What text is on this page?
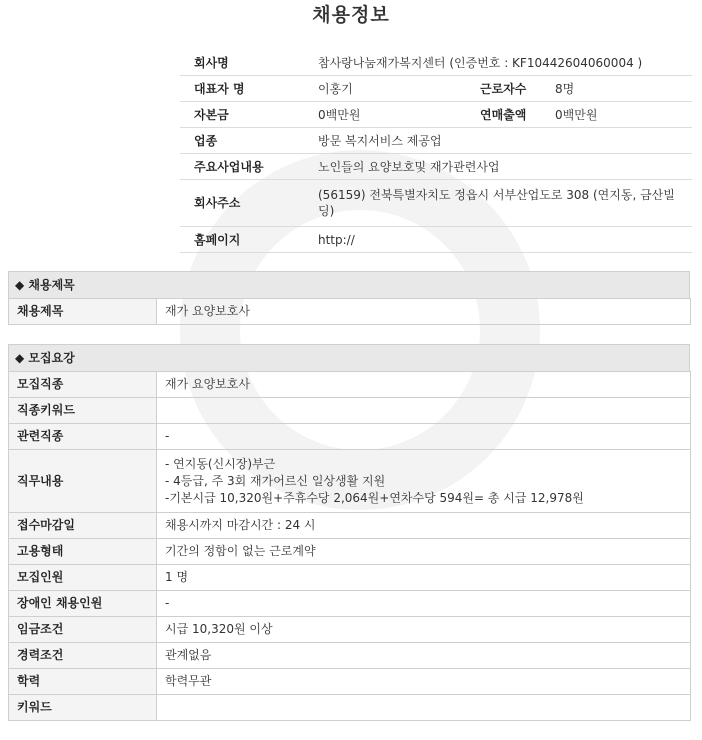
채용정보
회사명	참사랑나눔재가복지센터 (인증번호 : KF10442604060004 )		
대표자 명	이홍기	근로자수	8명
자본금	0백만원	연매출액	0백만원
업종	방문 복지서비스 제공업		
주요사업내용	노인들의 요양보호및 재가관련사업		
회사주소	(56159) 전북특별자치도 정읍시 서부산업도로 308 (연지동, 금산빌딩)		
홈페이지	http://		
◆ 채용제목
채용제목	재가 요양보호사
◆ 모집요강
모집직종	재가 요양보호사
직종키워드	
관련직종	-
직무내용	- 연지동(신시장)부근
- 4등급, 주 3회 재가어르신 일상생활 지원
-기본시급 10,320원+주휴수당 2,064원+연차수당 594원= 총 시급 12,978원

접수마감일	채용시까지 마감시간 : 24 시
고용형태	기간의 정함이 없는 근로계약
모집인원	1 명
장애인 채용인원	-
임금조건	시급 10,320원 이상
경력조건	관계없음
학력	학력무관
키워드	
